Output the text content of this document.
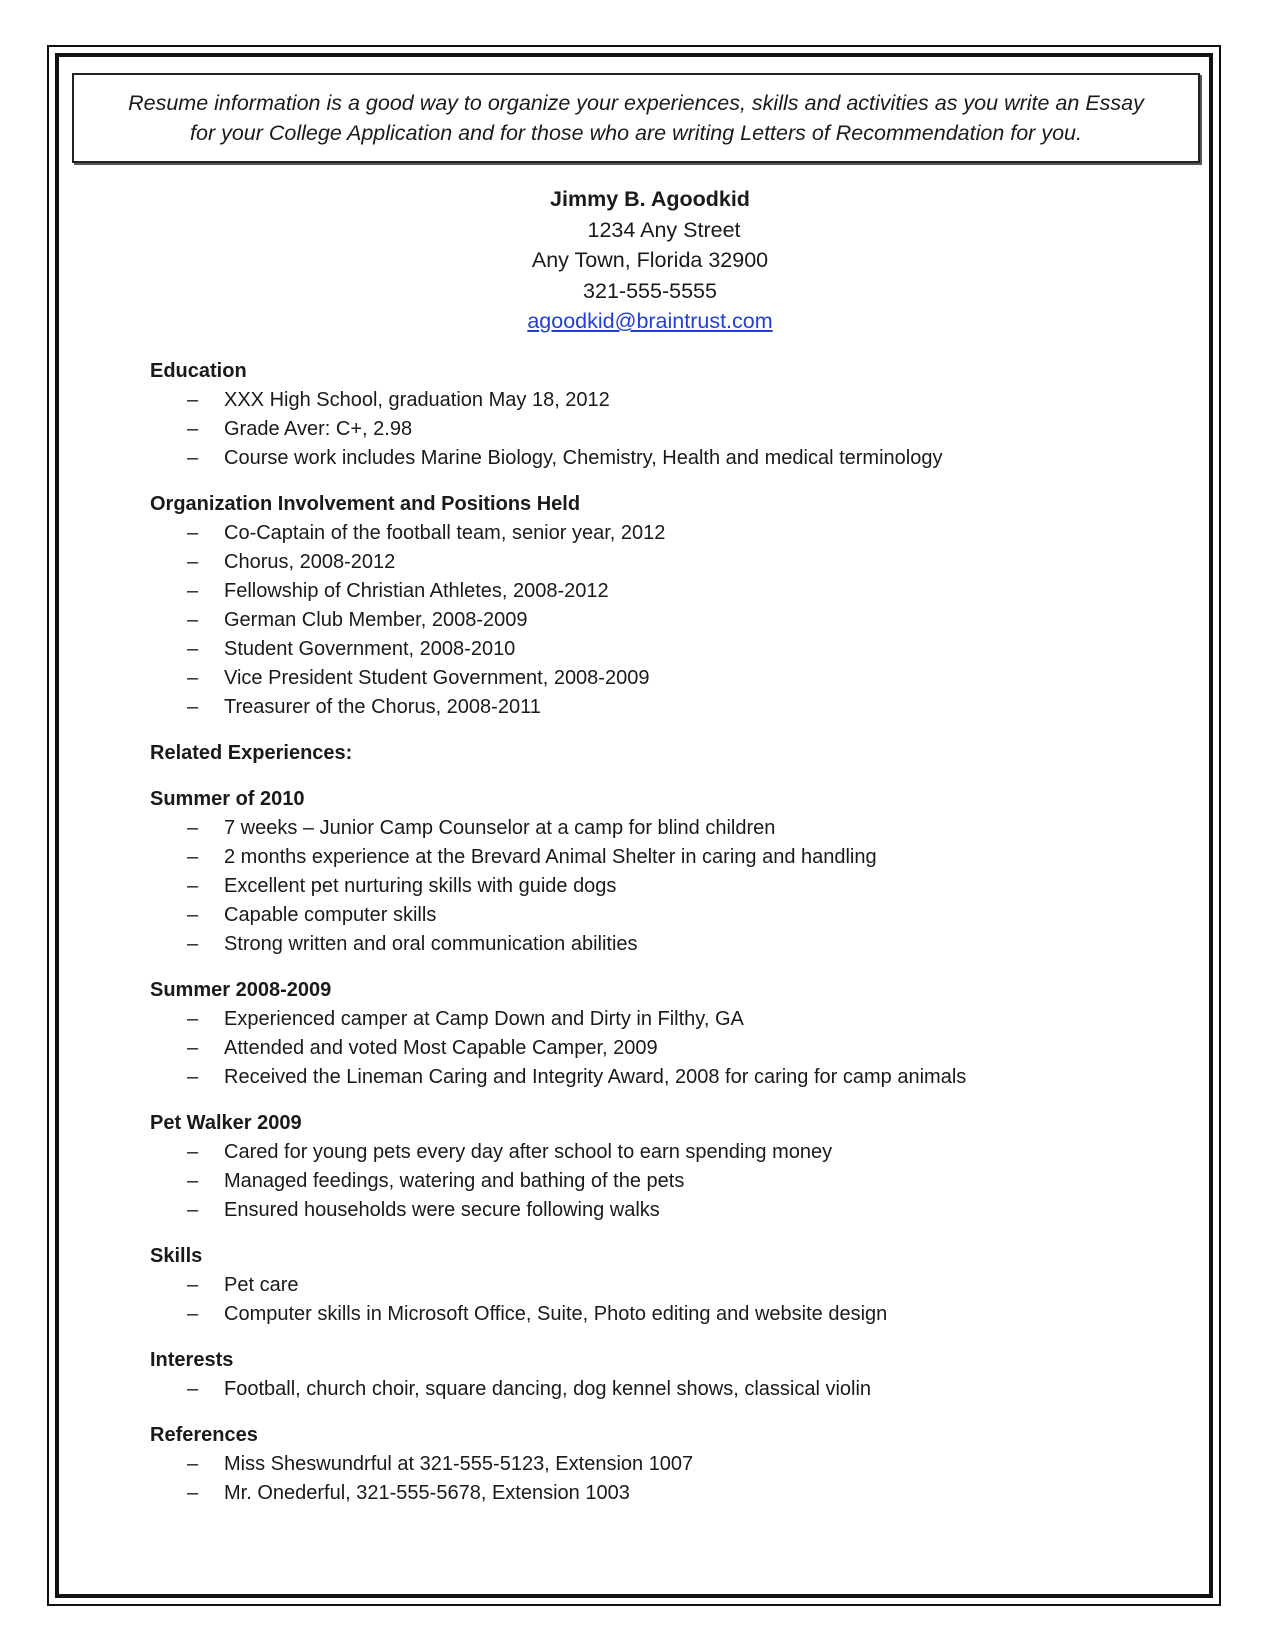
Resume information is a good way to organize your experiences, skills and activities as you write an Essay
for your College Application and for those who are writing Letters of Recommendation for you.

Jimmy B. Agoodkid
1234 Any Street
Any Town, Florida 32900
321-555-5555
agoodkid@braintrust.com
Education
–	XXX High School, graduation May 18, 2012
–	Grade Aver: C+, 2.98
–	Course work includes Marine Biology, Chemistry, Health and medical terminology
Organization Involvement and Positions Held
–	Co-Captain of the football team, senior year, 2012
–	Chorus, 2008-2012
–	Fellowship of Christian Athletes, 2008-2012
–	German Club Member, 2008-2009
–	Student Government, 2008-2010
–	Vice President Student Government, 2008-2009
–	Treasurer of the Chorus, 2008-2011
Related Experiences:
Summer of 2010
–	7 weeks – Junior Camp Counselor at a camp for blind children
–	2 months experience at the Brevard Animal Shelter in caring and handling
–	Excellent pet nurturing skills with guide dogs
–	Capable computer skills
–	Strong written and oral communication abilities
Summer 2008-2009
–	Experienced camper at Camp Down and Dirty in Filthy, GA
–	Attended and voted Most Capable Camper, 2009
–	Received the Lineman Caring and Integrity Award, 2008 for caring for camp animals
Pet Walker 2009
–	Cared for young pets every day after school to earn spending money
–	Managed feedings, watering and bathing of the pets
–	Ensured households were secure following walks
Skills
–	Pet care
–	Computer skills in Microsoft Office, Suite, Photo editing and website design
Interests
–	Football, church choir, square dancing, dog kennel shows, classical violin
References
–	Miss Sheswundrful at 321-555-5123, Extension 1007
–	Mr. Onederful, 321-555-5678, Extension 1003
